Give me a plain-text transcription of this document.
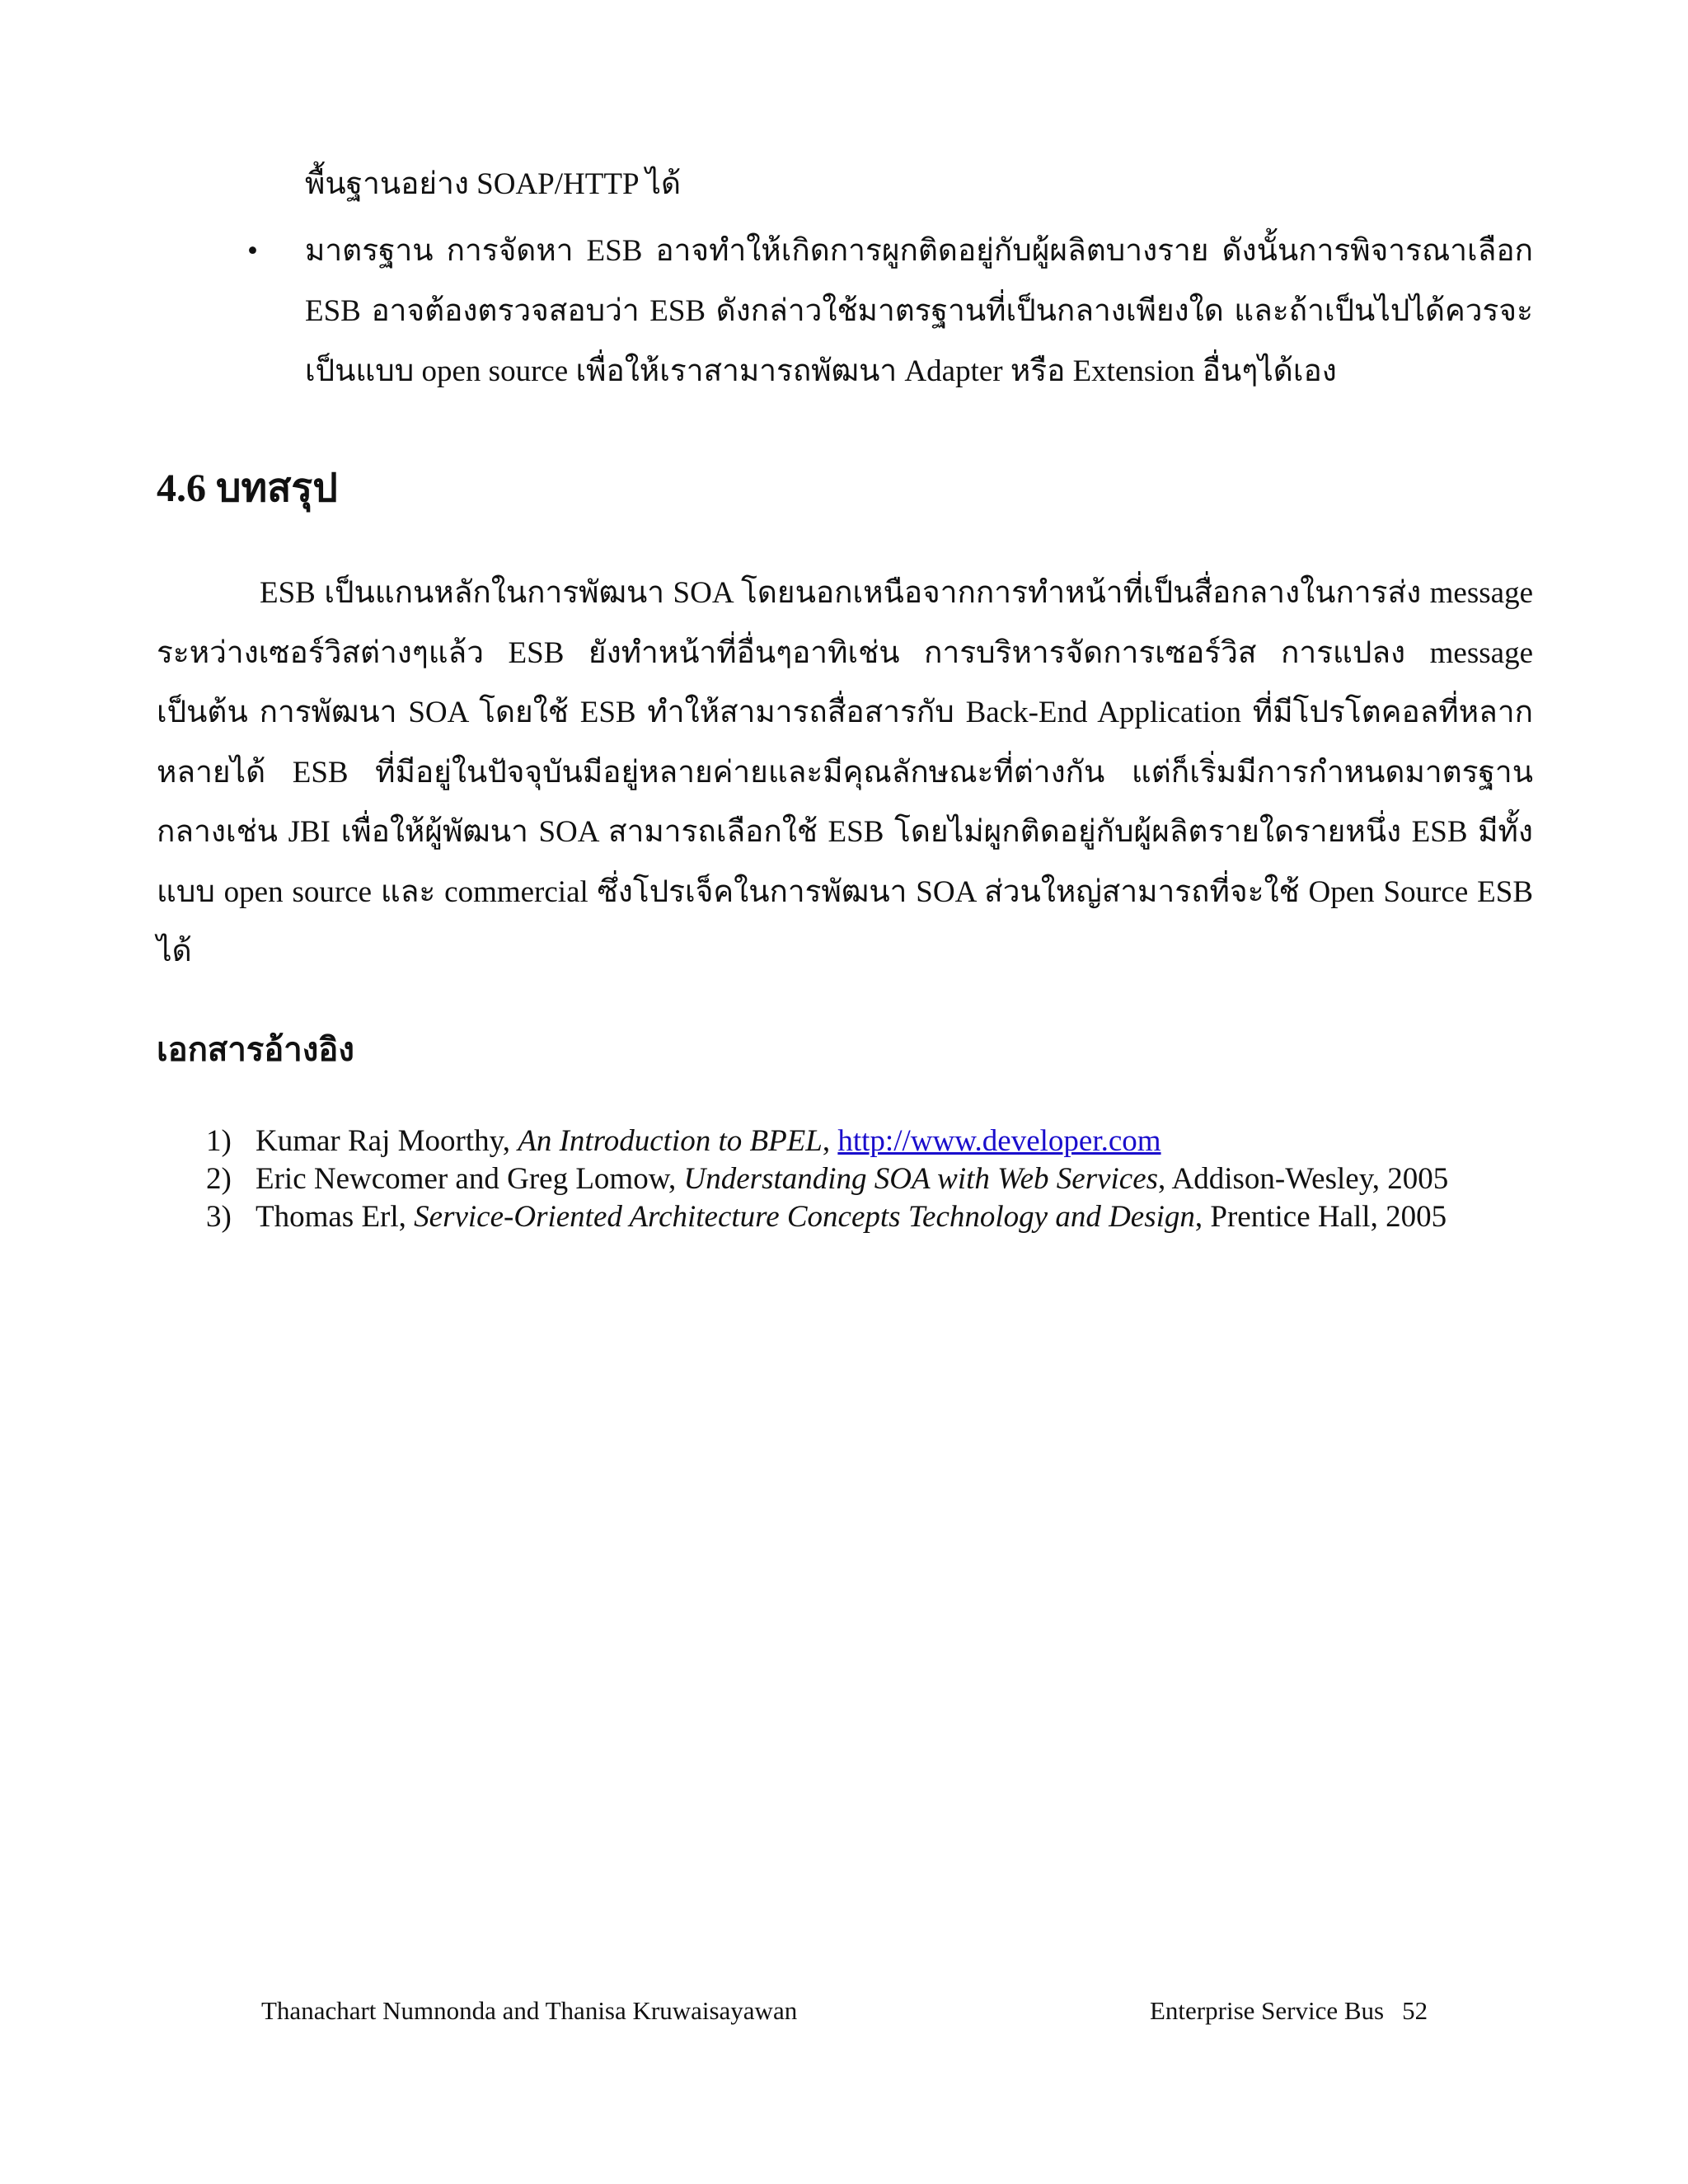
พื้นฐานอย่าง SOAP/HTTP ได้
•	มาตรฐาน การจัดหา ESB อาจทำให้เกิดการผูกติดอยู่กับผู้ผลิตบางราย ดังนั้นการพิจารณาเลือก ESB อาจต้องตรวจสอบว่า ESB ดังกล่าวใช้มาตรฐานที่เป็นกลางเพียงใด และถ้าเป็นไปได้ควรจะเป็นแบบ open source เพื่อให้เราสามารถพัฒนา Adapter หรือ Extension อื่นๆได้เอง
4.6 บทสรุป

ESB เป็นแกนหลักในการพัฒนา SOA โดยนอกเหนือจากการทำหน้าที่เป็นสื่อกลางในการส่ง message ระหว่างเซอร์วิสต่างๆแล้ว ESB ยังทำหน้าที่อื่นๆอาทิเช่น การบริหารจัดการเซอร์วิส การแปลง message เป็นต้น การพัฒนา SOA โดยใช้ ESB ทำให้สามารถสื่อสารกับ Back-End Application ที่มีโปรโตคอลที่หลากหลายได้ ESB ที่มีอยู่ในปัจจุบันมีอยู่หลายค่ายและมีคุณลักษณะที่ต่างกัน แต่ก็เริ่มมีการกำหนดมาตรฐานกลางเช่น JBI เพื่อให้ผู้พัฒนา SOA สามารถเลือกใช้ ESB โดยไม่ผูกติดอยู่กับผู้ผลิตรายใดรายหนึ่ง ESB มีทั้งแบบ open source และ commercial ซึ่งโปรเจ็คในการพัฒนา SOA ส่วนใหญ่สามารถที่จะใช้ Open Source ESB ได้

เอกสารอ้างอิง
1) Kumar Raj Moorthy, An Introduction to BPEL, http://www.developer.com
2) Eric Newcomer and Greg Lomow, Understanding SOA with Web Services, Addison-Wesley, 2005
3) Thomas Erl, Service-Oriented Architecture Concepts Technology and Design, Prentice Hall, 2005
Thanachart Numnonda and Thanisa Kruwaisayawan	Enterprise Service Bus 52
